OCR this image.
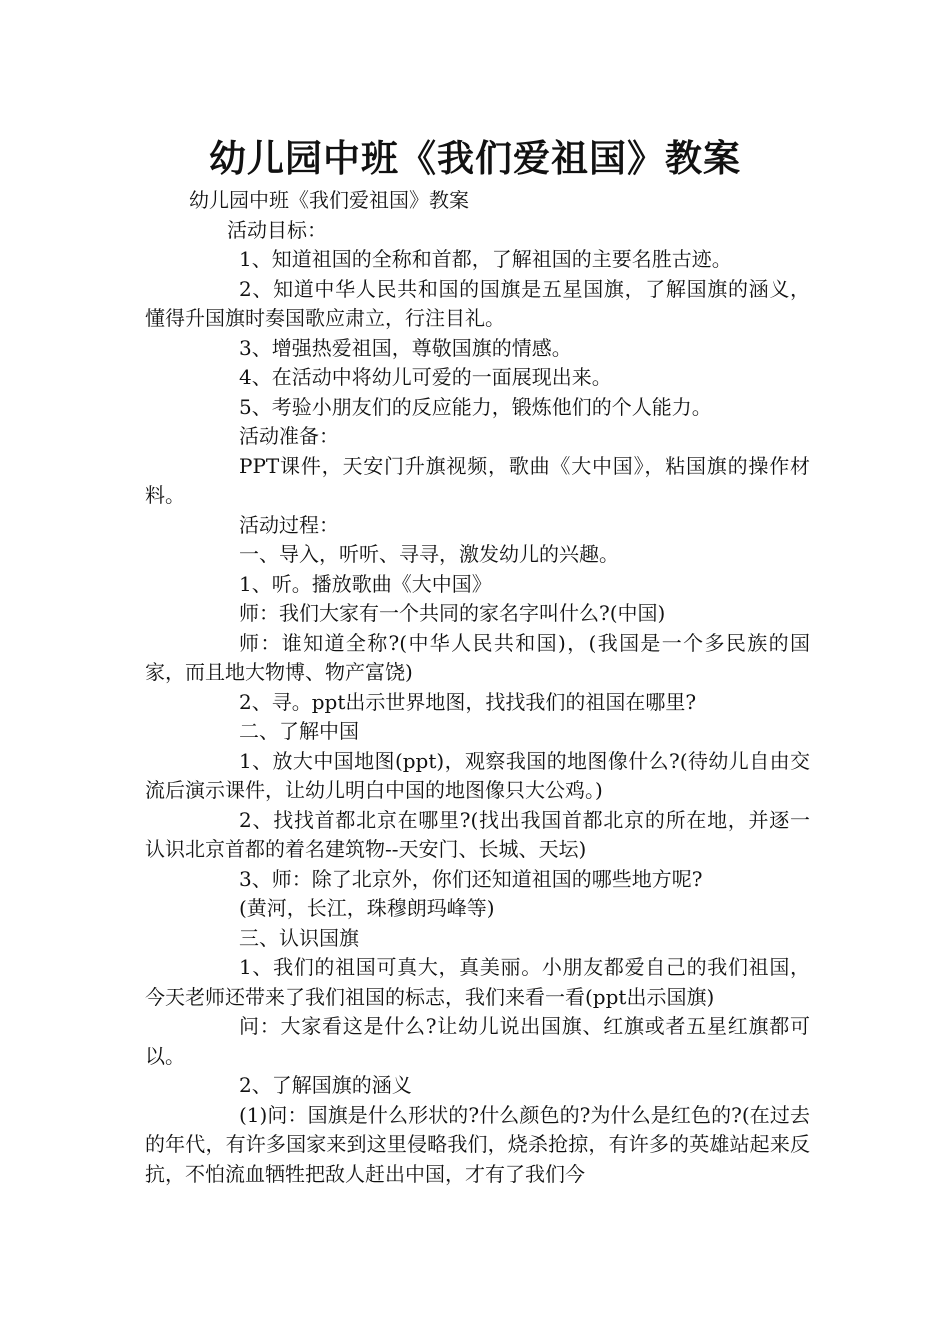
幼儿园中班《我们爱祖国》教案

幼儿园中班《我们爱祖国》教案

活动目标：

1、知道祖国的全称和首都，了解祖国的主要名胜古迹。

2、知道中华人民共和国的国旗是五星国旗，了解国旗的涵义，懂得升国旗时奏国歌应肃立，行注目礼。

3、增强热爱祖国，尊敬国旗的情感。

4、在活动中将幼儿可爱的一面展现出来。

5、考验小朋友们的反应能力，锻炼他们的个人能力。

活动准备：

PPT课件，天安门升旗视频，歌曲《大中国》，粘国旗的操作材料。

活动过程：

一、导入，听听、寻寻，激发幼儿的兴趣。

1、听。播放歌曲《大中国》

师：我们大家有一个共同的家名字叫什么?(中国)

师：谁知道全称?(中华人民共和国)，(我国是一个多民族的国家，而且地大物博、物产富饶)

2、寻。ppt出示世界地图，找找我们的祖国在哪里?

二、了解中国

1、放大中国地图(ppt)，观察我国的地图像什么?(待幼儿自由交流后演示课件，让幼儿明白中国的地图像只大公鸡。)

2、找找首都北京在哪里?(找出我国首都北京的所在地，并逐一认识北京首都的着名建筑物--天安门、长城、天坛)

3、师：除了北京外，你们还知道祖国的哪些地方呢?

(黄河，长江，珠穆朗玛峰等)

三、认识国旗

1、我们的祖国可真大，真美丽。小朋友都爱自己的我们祖国，今天老师还带来了我们祖国的标志，我们来看一看(ppt出示国旗)

问：大家看这是什么?让幼儿说出国旗、红旗或者五星红旗都可以。

2、了解国旗的涵义

(1)问：国旗是什么形状的?什么颜色的?为什么是红色的?(在过去的年代，有许多国家来到这里侵略我们，烧杀抢掠，有许多的英雄站起来反抗，不怕流血牺牲把敌人赶出中国，才有了我们今
